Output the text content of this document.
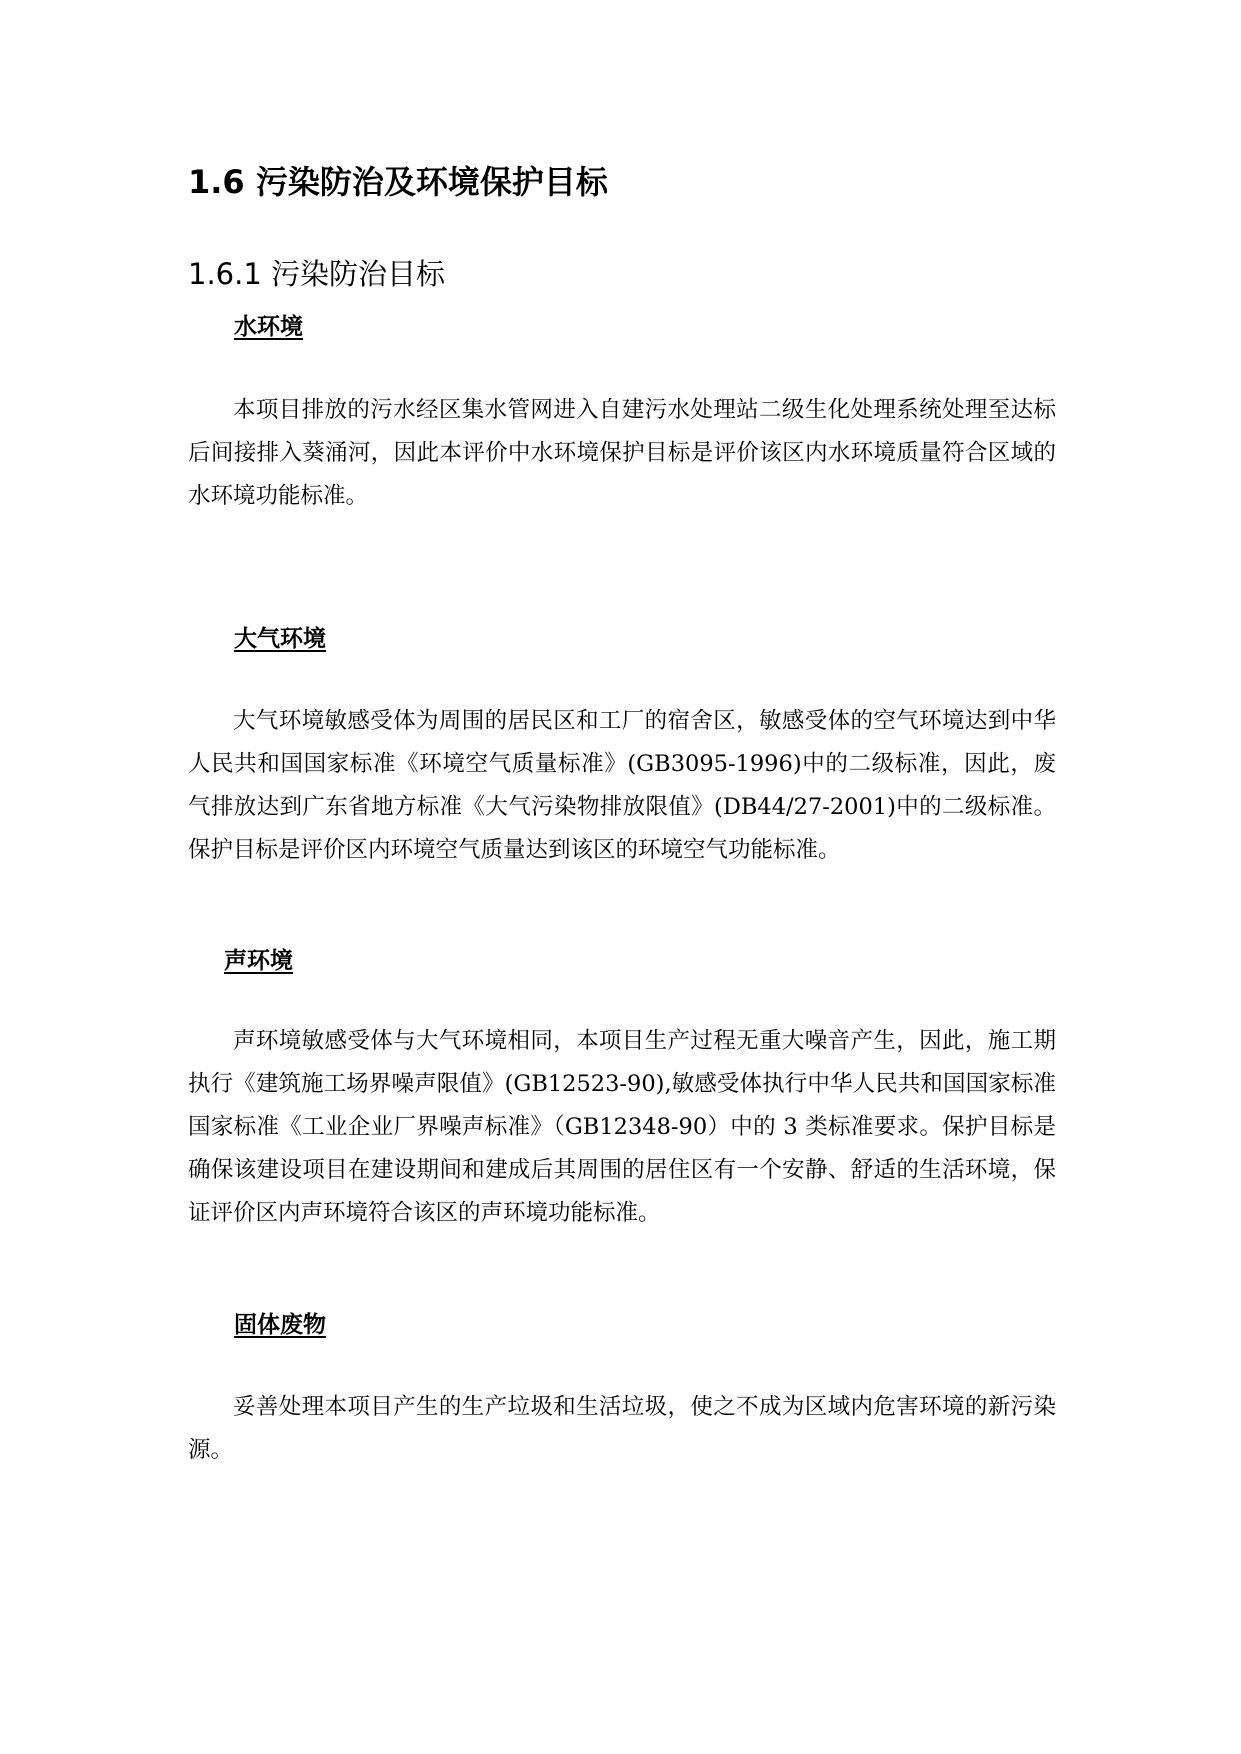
1.6 污染防治及环境保护目标
1.6.1 污染防治目标
水环境

本项目排放的污水经区集水管网进入自建污水处理站二级生化处理系统处理至达标后间接排入葵涌河，因此本评价中水环境保护目标是评价该区内水环境质量符合区域的水环境功能标准。

大气环境

大气环境敏感受体为周围的居民区和工厂的宿舍区，敏感受体的空气环境达到中华人民共和国国家标准《环境空气质量标准》(GB3095-1996)中的二级标准，因此，废气排放达到广东省地方标准《大气污染物排放限值》(DB44/27-2001)中的二级标准。保护目标是评价区内环境空气质量达到该区的环境空气功能标准。

声环境

声环境敏感受体与大气环境相同，本项目生产过程无重大噪音产生，因此，施工期执行《建筑施工场界噪声限值》(GB12523-90),敏感受体执行中华人民共和国国家标准国家标准《工业企业厂界噪声标准》（GB12348-90）中的 3 类标准要求。保护目标是确保该建设项目在建设期间和建成后其周围的居住区有一个安静、舒适的生活环境，保证评价区内声环境符合该区的声环境功能标准。

固体废物

妥善处理本项目产生的生产垃圾和生活垃圾，使之不成为区域内危害环境的新污染源。
